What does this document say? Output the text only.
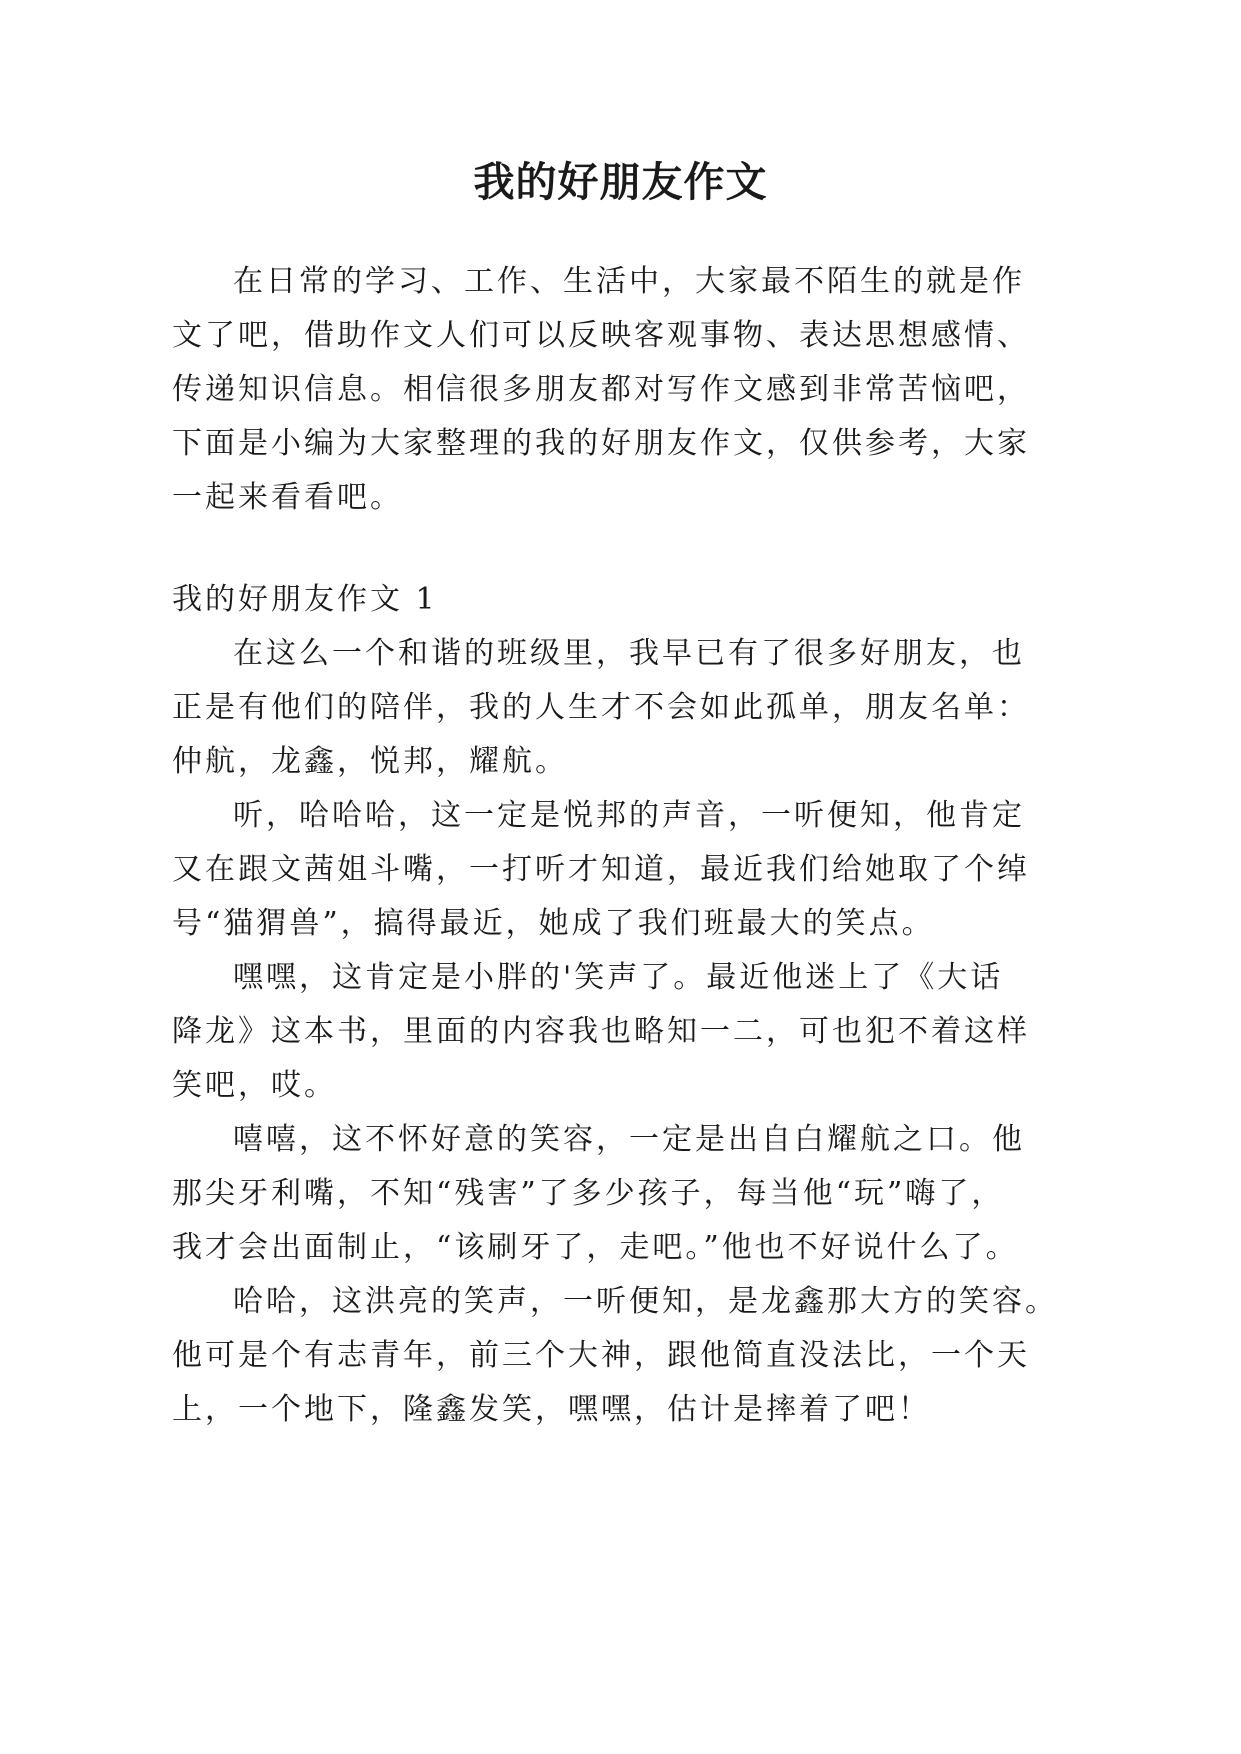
我的好朋友作文
在日常的学习、工作、生活中，大家最不陌生的就是作
文了吧，借助作文人们可以反映客观事物、表达思想感情、
传递知识信息。相信很多朋友都对写作文感到非常苦恼吧，
下面是小编为大家整理的我的好朋友作文，仅供参考，大家
一起来看看吧。
我的好朋友作文 1
在这么一个和谐的班级里，我早已有了很多好朋友，也
正是有他们的陪伴，我的人生才不会如此孤单，朋友名单：
仲航，龙鑫，悦邦，耀航。
听，哈哈哈，这一定是悦邦的声音，一听便知，他肯定
又在跟文茜姐斗嘴，一打听才知道，最近我们给她取了个绰
号“猫猬兽”，搞得最近，她成了我们班最大的笑点。
嘿嘿，这肯定是小胖的'笑声了。最近他迷上了《大话
降龙》这本书，里面的内容我也略知一二，可也犯不着这样
笑吧，哎。
嘻嘻，这不怀好意的笑容，一定是出自白耀航之口。他
那尖牙利嘴，不知“残害”了多少孩子，每当他“玩”嗨了，
我才会出面制止，“该刷牙了，走吧。”他也不好说什么了。
哈哈，这洪亮的笑声，一听便知，是龙鑫那大方的笑容。
他可是个有志青年，前三个大神，跟他简直没法比，一个天
上，一个地下，隆鑫发笑，嘿嘿，估计是摔着了吧！
